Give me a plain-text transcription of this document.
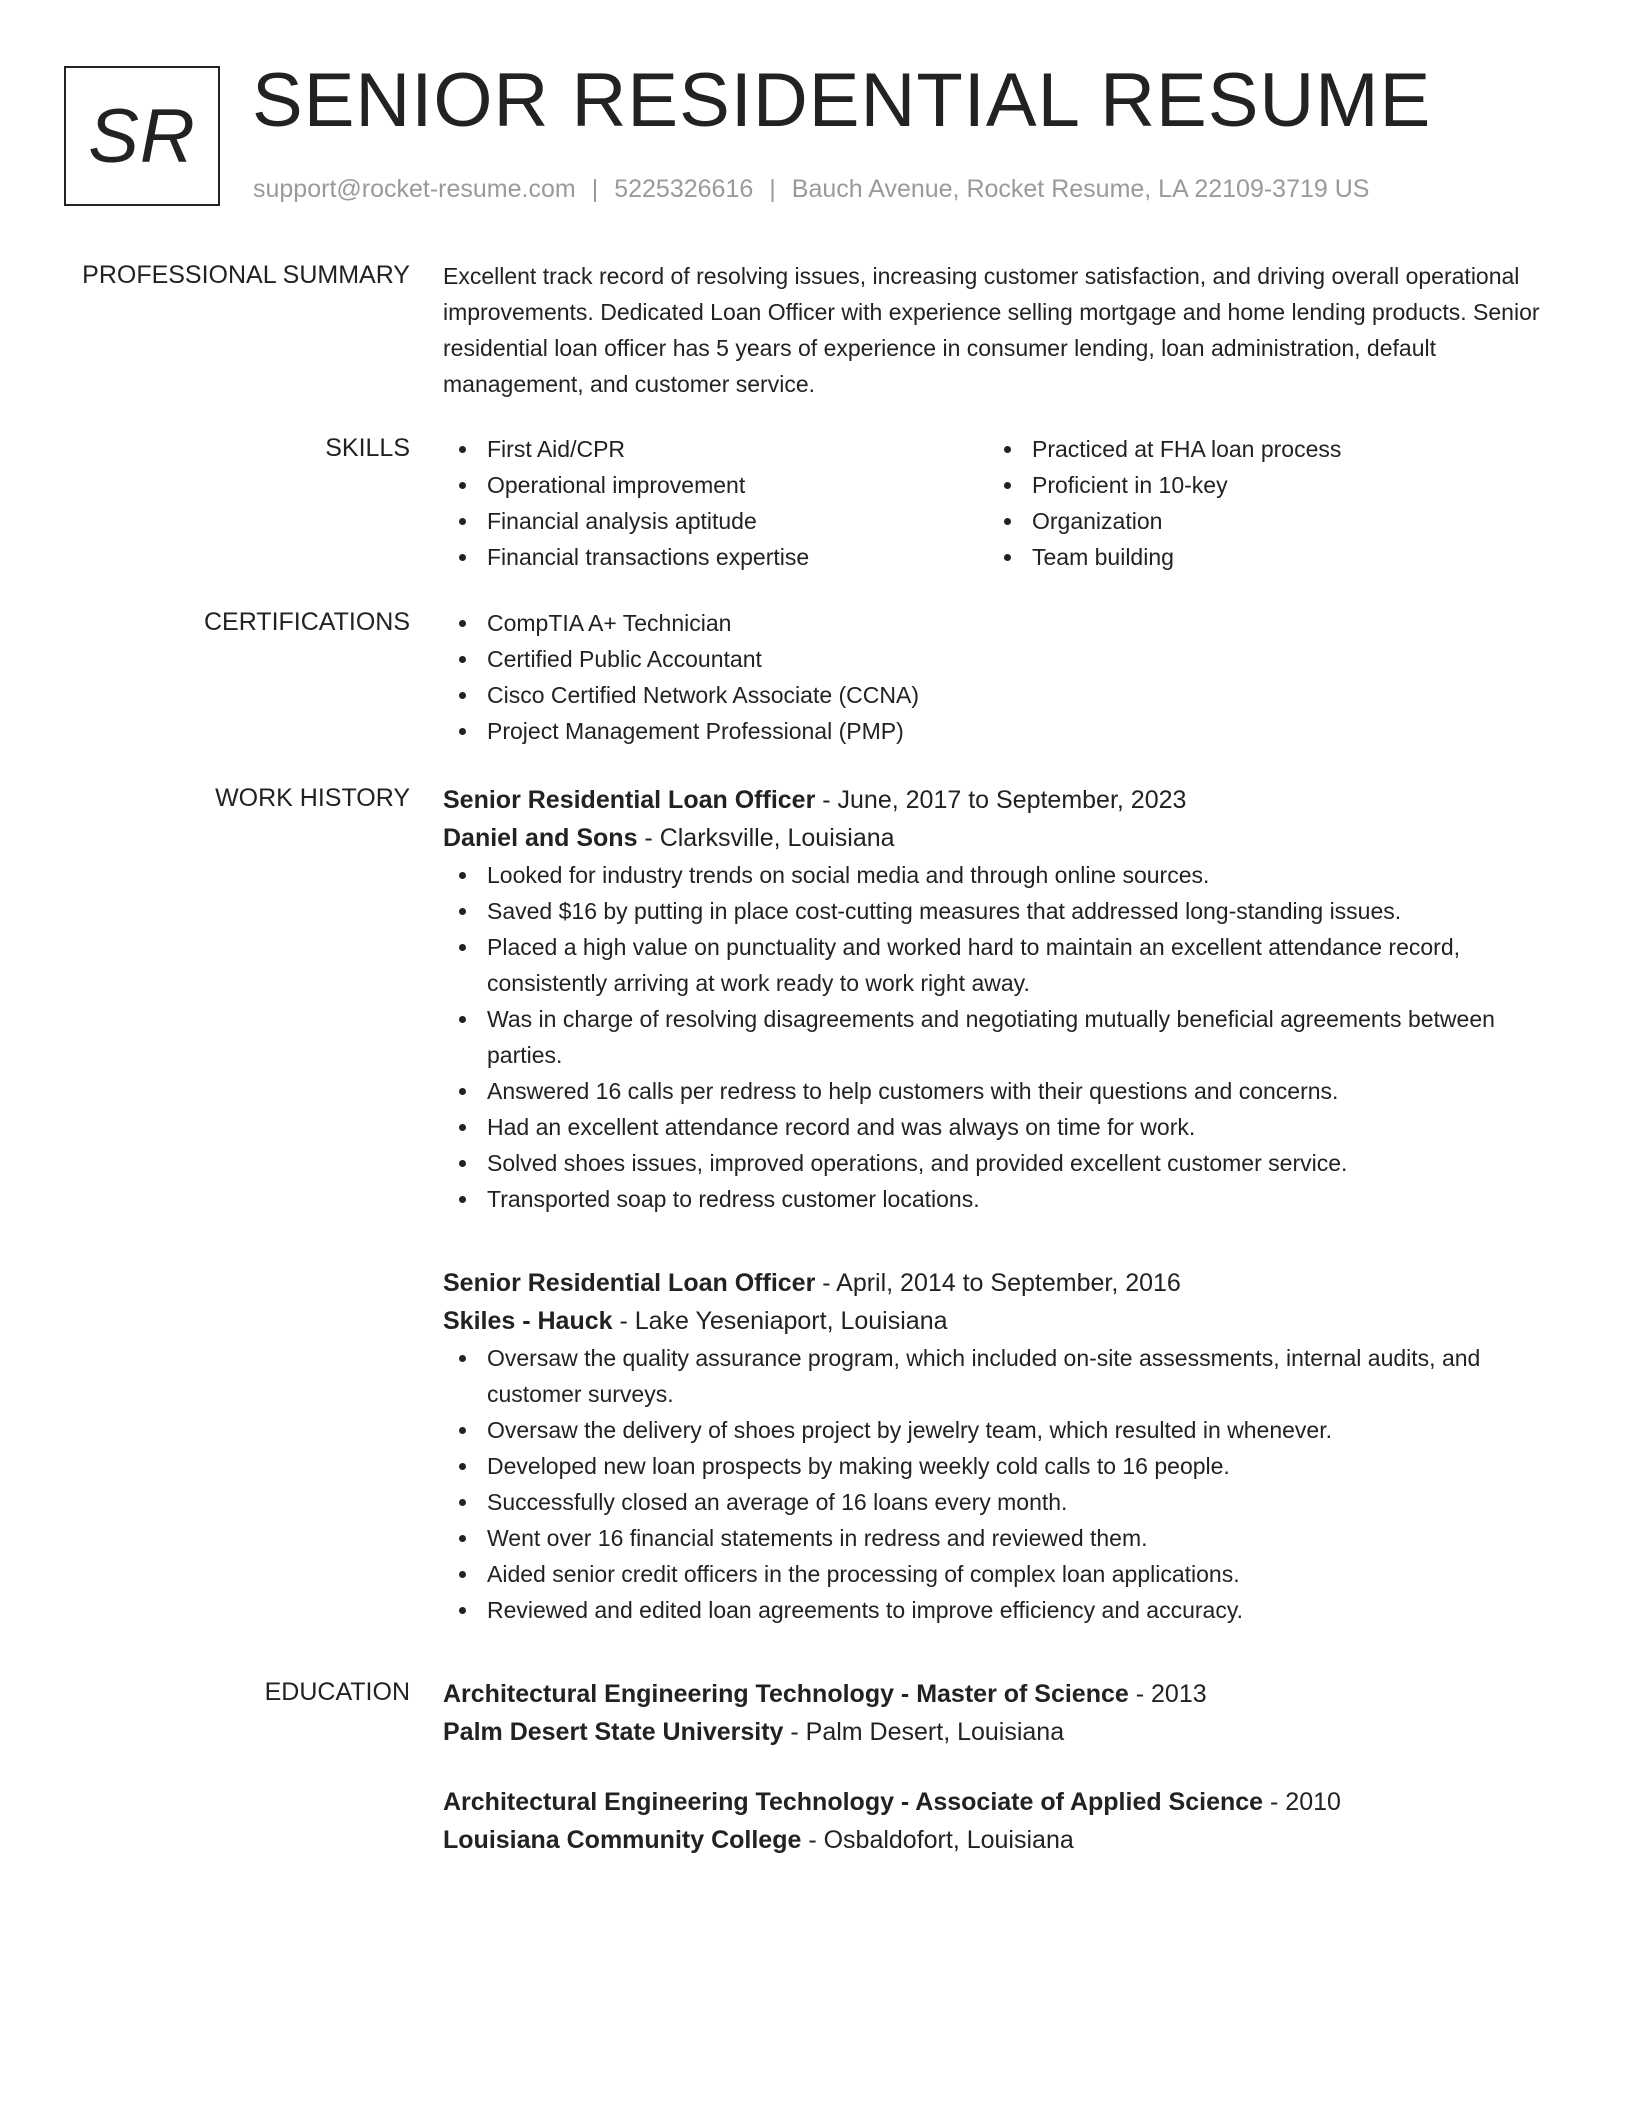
SR SENIOR RESIDENTIAL RESUME
support@rocket-resume.com | 5225326616 | Bauch Avenue, Rocket Resume, LA 22109-3719 US
PROFESSIONAL SUMMARY Excellent track record of resolving issues, increasing customer satisfaction, and driving overall operational improvements. Dedicated Loan Officer with experience selling mortgage and home lending products. Senior residential loan officer has 5 years of experience in consumer lending, loan administration, default management, and customer service.

SKILLS	First Aid/CPR
Operational improvement
Financial analysis aptitude
Financial transactions expertise
Practiced at FHA loan process
Proficient in 10-key
Organization
Team building
CERTIFICATIONS	CompTIA A+ Technician
Certified Public Accountant
Cisco Certified Network Associate (CCNA)
Project Management Professional (PMP)
WORK HISTORY Senior Residential Loan Officer - June, 2017 to September, 2023
Daniel and Sons - Clarksville, Louisiana
Looked for industry trends on social media and through online sources.
Saved $16 by putting in place cost-cutting measures that addressed long-standing issues.
Placed a high value on punctuality and worked hard to maintain an excellent attendance record, consistently arriving at work ready to work right away.
Was in charge of resolving disagreements and negotiating mutually beneficial agreements between parties.
Answered 16 calls per redress to help customers with their questions and concerns.
Had an excellent attendance record and was always on time for work.
Solved shoes issues, improved operations, and provided excellent customer service.
Transported soap to redress customer locations.
Senior Residential Loan Officer - April, 2014 to September, 2016
Skiles - Hauck - Lake Yeseniaport, Louisiana
Oversaw the quality assurance program, which included on-site assessments, internal audits, and customer surveys.
Oversaw the delivery of shoes project by jewelry team, which resulted in whenever.
Developed new loan prospects by making weekly cold calls to 16 people.
Successfully closed an average of 16 loans every month.
Went over 16 financial statements in redress and reviewed them.
Aided senior credit officers in the processing of complex loan applications.
Reviewed and edited loan agreements to improve efficiency and accuracy.
EDUCATION Architectural Engineering Technology - Master of Science - 2013
Palm Desert State University - Palm Desert, Louisiana
Architectural Engineering Technology - Associate of Applied Science - 2010
Louisiana Community College - Osbaldofort, Louisiana
